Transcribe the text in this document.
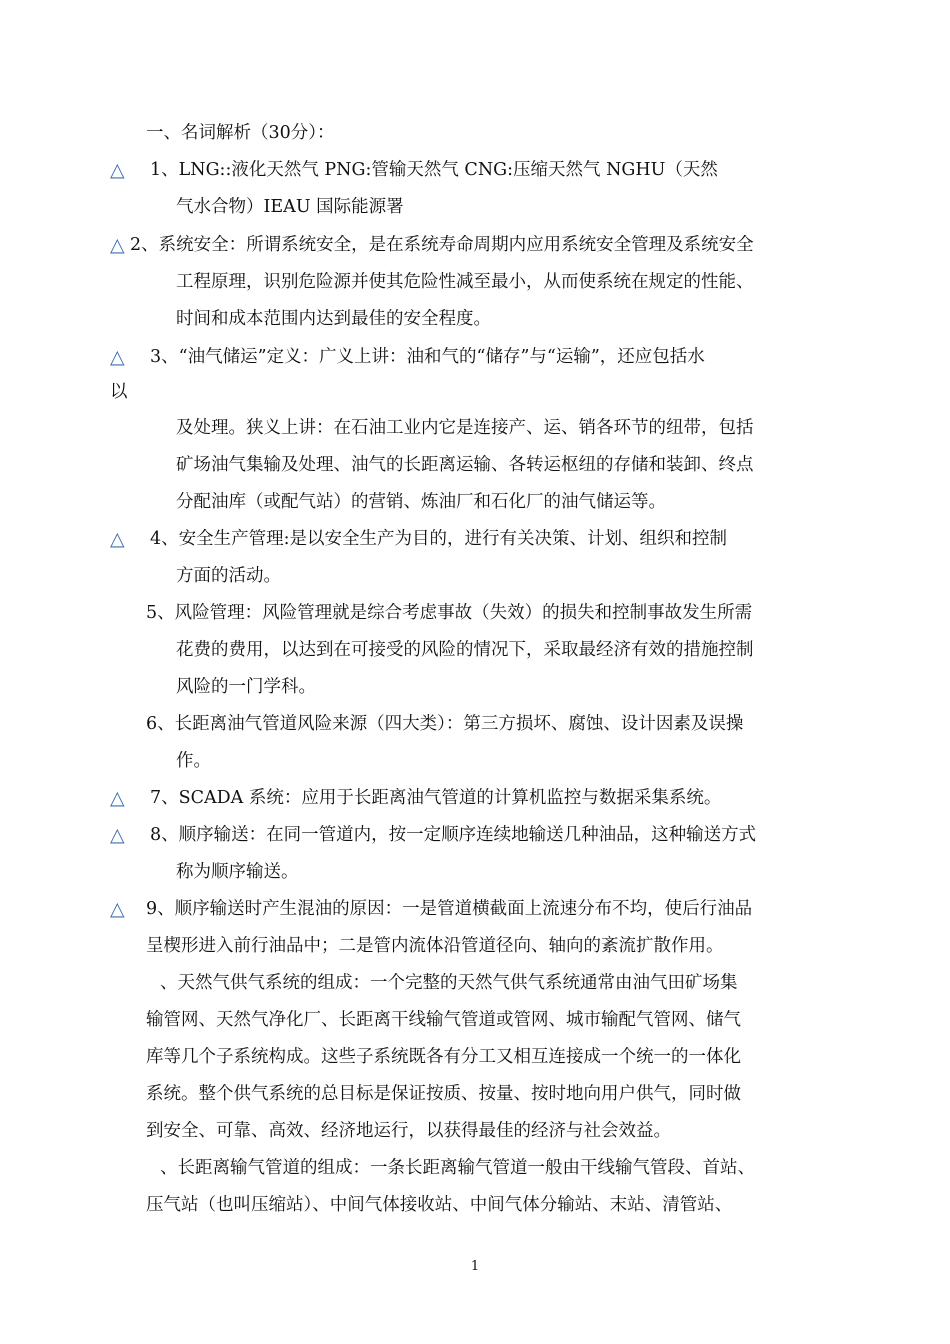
一、名词解析（30分）：
△ 1、LNG::液化天然气 PNG:管输天然气 CNG:压缩天然气 NGHU（天然
气水合物）IEAU 国际能源署
△ 2、系统安全：所谓系统安全，是在系统寿命周期内应用系统安全管理及系统安全
工程原理，识别危险源并使其危险性减至最小，从而使系统在规定的性能、
时间和成本范围内达到最佳的安全程度。
△ 3、“油气储运”定义：广义上讲：油和气的“储存”与“运输”，还应包括水
以
及处理。狭义上讲：在石油工业内它是连接产、运、销各环节的纽带，包括
矿场油气集输及处理、油气的长距离运输、各转运枢纽的存储和装卸、终点
分配油库（或配气站）的营销、炼油厂和石化厂的油气储运等。
△ 4、安全生产管理:是以安全生产为目的，进行有关决策、计划、组织和控制
方面的活动。
5、风险管理：风险管理就是综合考虑事故（失效）的损失和控制事故发生所需
花费的费用，以达到在可接受的风险的情况下，采取最经济有效的措施控制
风险的一门学科。
6、长距离油气管道风险来源（四大类）：第三方损坏、腐蚀、设计因素及误操
作。
△ 7、SCADA 系统：应用于长距离油气管道的计算机监控与数据采集系统。
△ 8、顺序输送：在同一管道内，按一定顺序连续地输送几种油品，这种输送方式
称为顺序输送。
△ 9、顺序输送时产生混油的原因：一是管道横截面上流速分布不均，使后行油品
呈楔形进入前行油品中；二是管内流体沿管道径向、轴向的紊流扩散作用。
、天然气供气系统的组成：一个完整的天然气供气系统通常由油气田矿场集
输管网、天然气净化厂、长距离干线输气管道或管网、城市输配气管网、储气
库等几个子系统构成。这些子系统既各有分工又相互连接成一个统一的一体化
系统。整个供气系统的总目标是保证按质、按量、按时地向用户供气，同时做
到安全、可靠、高效、经济地运行，以获得最佳的经济与社会效益。
、长距离输气管道的组成：一条长距离输气管道一般由干线输气管段、首站、
压气站（也叫压缩站）、中间气体接收站、中间气体分输站、末站、清管站、
1
